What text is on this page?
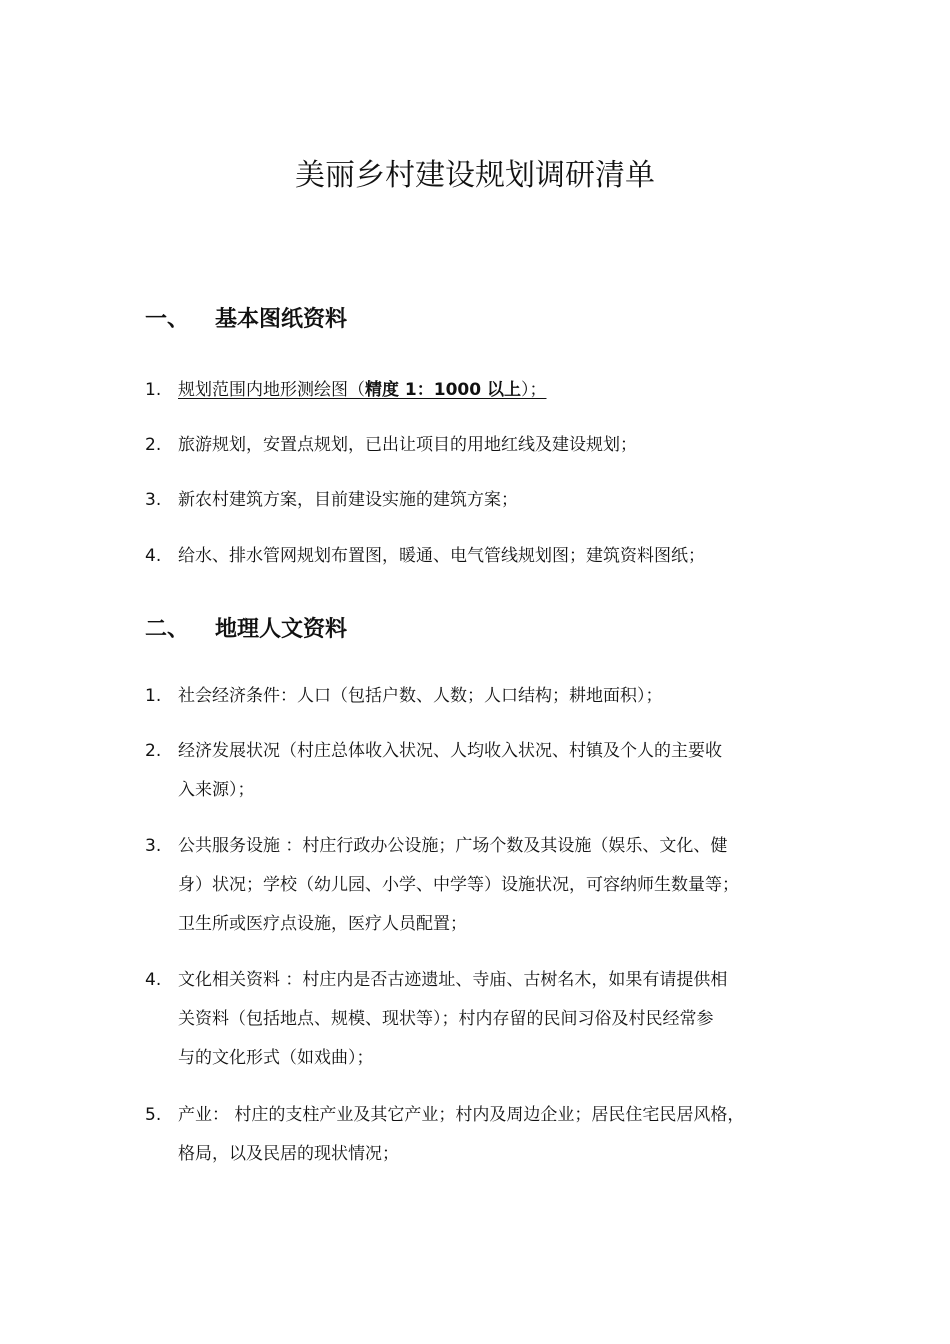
美丽乡村建设规划调研清单
一、 基本图纸资料
1. 规划范围内地形测绘图（精度 1：1000 以上）；
2. 旅游规划，安置点规划，已出让项目的用地红线及建设规划；
3. 新农村建筑方案，目前建设实施的建筑方案；
4. 给水、排水管网规划布置图，暖通、电气管线规划图；建筑资料图纸；
二、 地理人文资料
1. 社会经济条件：人口（包括户数、人数；人口结构；耕地面积）；
2. 经济发展状况（村庄总体收入状况、人均收入状况、村镇及个人的主要收
入来源）；
3. 公共服务设施 ：村庄行政办公设施；广场个数及其设施（娱乐、文化、健
身）状况；学校（幼儿园、小学、中学等）设施状况，可容纳师生数量等；
卫生所或医疗点设施，医疗人员配置；
4. 文化相关资料 ：村庄内是否古迹遗址、寺庙、古树名木，如果有请提供相
关资料（包括地点、规模、现状等）；村内存留的民间习俗及村民经常参
与的文化形式（如戏曲）；
5. 产业： 村庄的支柱产业及其它产业；村内及周边企业；居民住宅民居风格，
格局，以及民居的现状情况；
